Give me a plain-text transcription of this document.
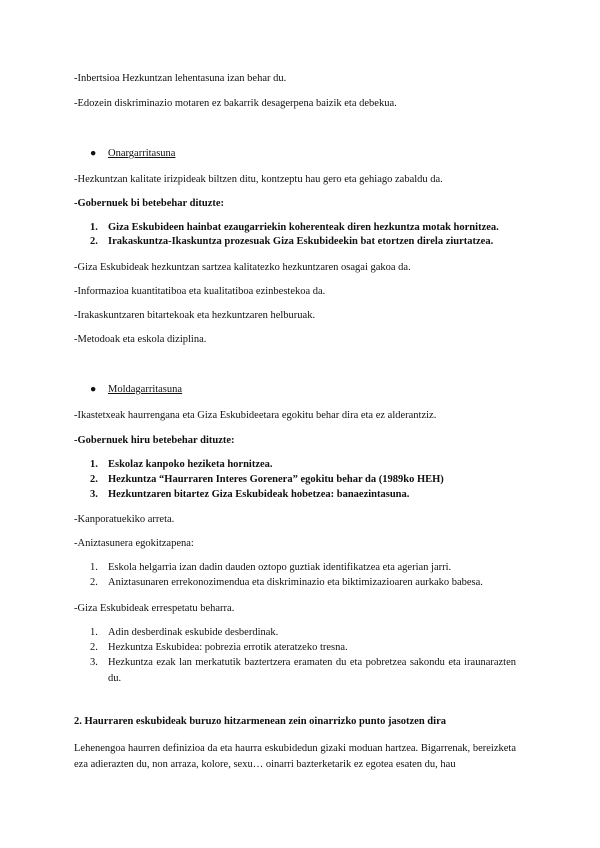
-Inbertsioa Hezkuntzan lehentasuna izan behar du.
-Edozein diskriminazio motaren ez bakarrik desagerpena baizik eta debekua.
● Onargarritasuna
-Hezkuntzan kalitate irizpideak biltzen ditu, kontzeptu hau gero eta gehiago zabaldu da.
-Gobernuek bi betebehar dituzte:
1. Giza Eskubideen hainbat ezaugarriekin koherenteak diren hezkuntza motak hornitzea.
2. Irakaskuntza-Ikaskuntza prozesuak Giza Eskubideekin bat etortzen direla ziurtatzea.
-Giza Eskubideak hezkuntzan sartzea kalitatezko hezkuntzaren osagai gakoa da.
-Informazioa kuantitatiboa eta kualitatiboa ezinbestekoa da.
-Irakaskuntzaren bitartekoak eta hezkuntzaren helburuak.
-Metodoak eta eskola diziplina.
● Moldagarritasuna
-Ikastetxeak haurrengana eta Giza Eskubideetara egokitu behar dira eta ez alderantziz.
-Gobernuek hiru betebehar dituzte:
1. Eskolaz kanpoko heziketa hornitzea.
2. Hezkuntza “Haurraren Interes Gorenera” egokitu behar da (1989ko HEH)
3. Hezkuntzaren bitartez Giza Eskubideak hobetzea: banaezintasuna.
-Kanporatuekiko arreta.
-Aniztasunera egokitzapena:
1. Eskola helgarria izan dadin dauden oztopo guztiak identifikatzea eta agerian jarri.
2. Aniztasunaren errekonozimendua eta diskriminazio eta biktimizazioaren aurkako babesa.
-Giza Eskubideak errespetatu beharra.
1. Adin desberdinak eskubide desberdinak.
2. Hezkuntza Eskubidea: pobrezia errotik ateratzeko tresna.
3. Hezkuntza ezak lan merkatutik baztertzera eramaten du eta pobretzea sakondu eta iraunarazten du.
2. Haurraren eskubideak buruzo hitzarmenean zein oinarrizko punto jasotzen dira
Lehenengoa haurren definizioa da eta haurra eskubidedun gizaki moduan hartzea. Bigarrenak, bereizketa eza adierazten du, non arraza, kolore, sexu… oinarri bazterketarik ez egotea esaten du, hau
